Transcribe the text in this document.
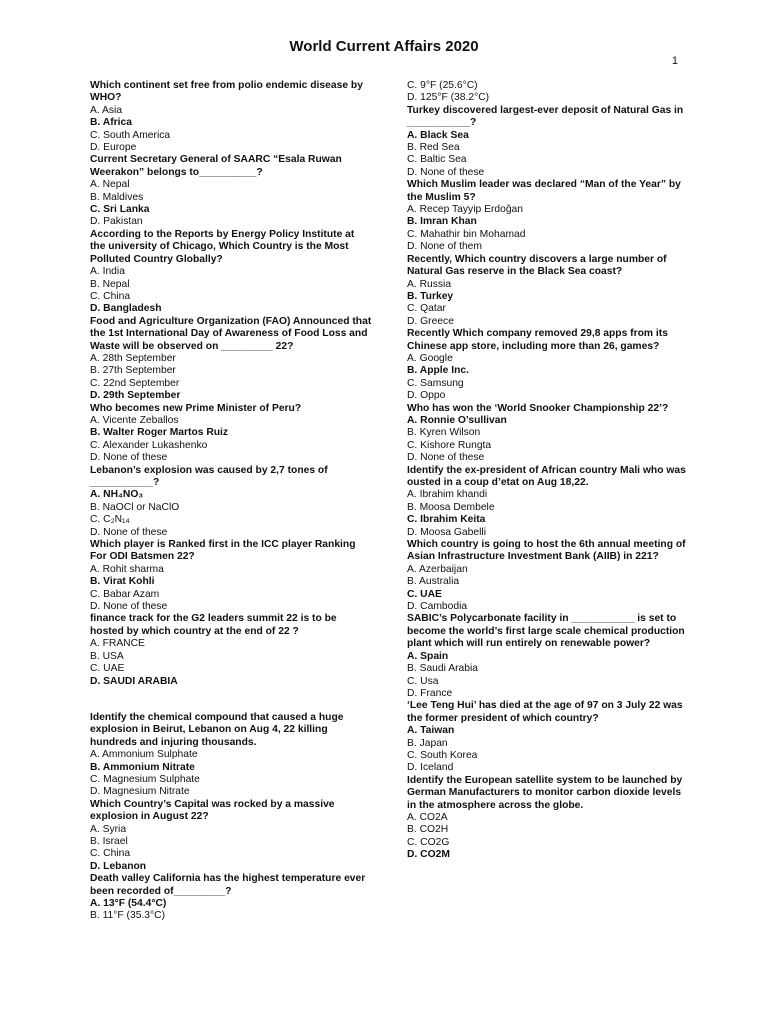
World Current Affairs 2020
1
Which continent set free from polio endemic disease by WHO?
A. Asia
B. Africa
C. South America
D. Europe
Current Secretary General of SAARC “Esala Ruwan Weerakon” belongs to__________?
A. Nepal
B. Maldives
C. Sri Lanka
D. Pakistan
According to the Reports by Energy Policy Institute at the university of Chicago, Which Country is the Most Polluted Country Globally?
A. India
B. Nepal
C. China
D. Bangladesh
Food and Agriculture Organization (FAO) Announced that the 1st International Day of Awareness of Food Loss and Waste will be observed on _________ 22?
A. 28th September
B. 27th September
C. 22nd September
D. 29th September
Who becomes new Prime Minister of Peru?
A. Vicente Zeballos
B. Walter Roger Martos Ruiz
C. Alexander Lukashenko
D. None of these
Lebanon’s explosion was caused by 2,7 tones of ___________?
A. NH₄NO₃
B. NaOCl or NaClO
C. C₂N₁₄
D. None of these
Which player is Ranked first in the ICC player Ranking For ODI Batsmen 22?
A. Rohit sharma
B. Virat Kohli
C. Babar Azam
D. None of these
finance track for the G2 leaders summit 22 is to be hosted by which country at the end of 22 ?
A. FRANCE
B. USA
C. UAE
D. SAUDI ARABIA
Identify the chemical compound that caused a huge explosion in Beirut, Lebanon on Aug 4, 22 killing hundreds and injuring thousands.
A. Ammonium Sulphate
B. Ammonium Nitrate
C. Magnesium Sulphate
D. Magnesium Nitrate
Which Country’s Capital was rocked by a massive explosion in August 22?
A. Syria
B. Israel
C. China
D. Lebanon
Death valley California has the highest temperature ever been recorded of_________?
A. 13°F (54.4°C)
B. 11°F (35.3°C)
C. 9°F (25.6°C)
D. 125°F (38.2°C)
Turkey discovered largest-ever deposit of Natural Gas in ___________?
A. Black Sea
B. Red Sea
C. Baltic Sea
D. None of these
Which Muslim leader was declared “Man of the Year” by the Muslim 5?
A. Recep Tayyip Erdoğan
B. Imran Khan
C. Mahathir bin Mohamad
D. None of them
Recently, Which country discovers a large number of Natural Gas reserve in the Black Sea coast?
A. Russia
B. Turkey
C. Qatar
D. Greece
Recently Which company removed 29,8 apps from its Chinese app store, including more than 26, games?
A. Google
B. Apple Inc.
C. Samsung
D. Oppo
Who has won the ‘World Snooker Championship 22’?
A. Ronnie O’sullivan
B. Kyren Wilson
C. Kishore Rungta
D. None of these
Identify the ex-president of African country Mali who was ousted in a coup d’etat on Aug 18,22.
A. Ibrahim khandi
B. Moosa Dembele
C. Ibrahim Keita
D. Moosa Gabelli
Which country is going to host the 6th annual meeting of Asian Infrastructure Investment Bank (AIIB) in 221?
A. Azerbaijan
B. Australia
C. UAE
D. Cambodia
SABIC’s Polycarbonate facility in ___________ is set to become the world’s first large scale chemical production plant which will run entirely on renewable power?
A. Spain
B. Saudi Arabia
C. Usa
D. France
‘Lee Teng Hui’ has died at the age of 97 on 3 July 22 was the former president of which country?
A. Taiwan
B. Japan
C. South Korea
D. Iceland
Identify the European satellite system to be launched by German Manufacturers to monitor carbon dioxide levels in the atmosphere across the globe.
A. CO2A
B. CO2H
C. CO2G
D. CO2M
